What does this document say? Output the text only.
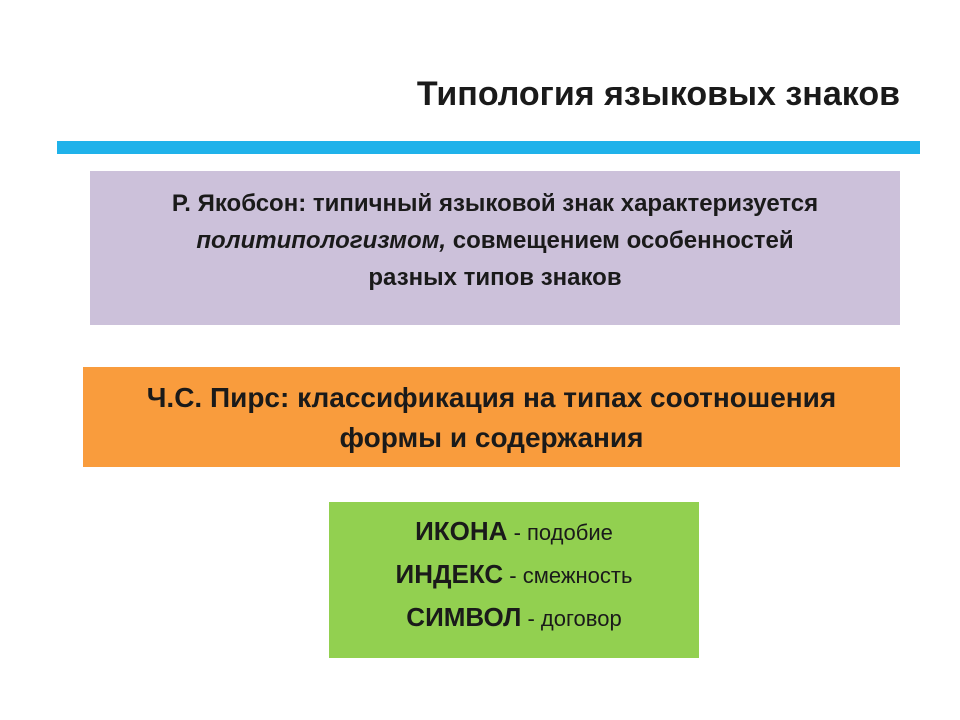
Типология языковых знаков
Р. Якобсон: типичный языковой знак характеризуется
политипологизмом, совмещением особенностей
разных типов знаков
Ч.С. Пирс: классификация на типах соотношения
формы и содержания
ИКОНА - подобие
ИНДЕКС - смежность
СИМВОЛ - договор
